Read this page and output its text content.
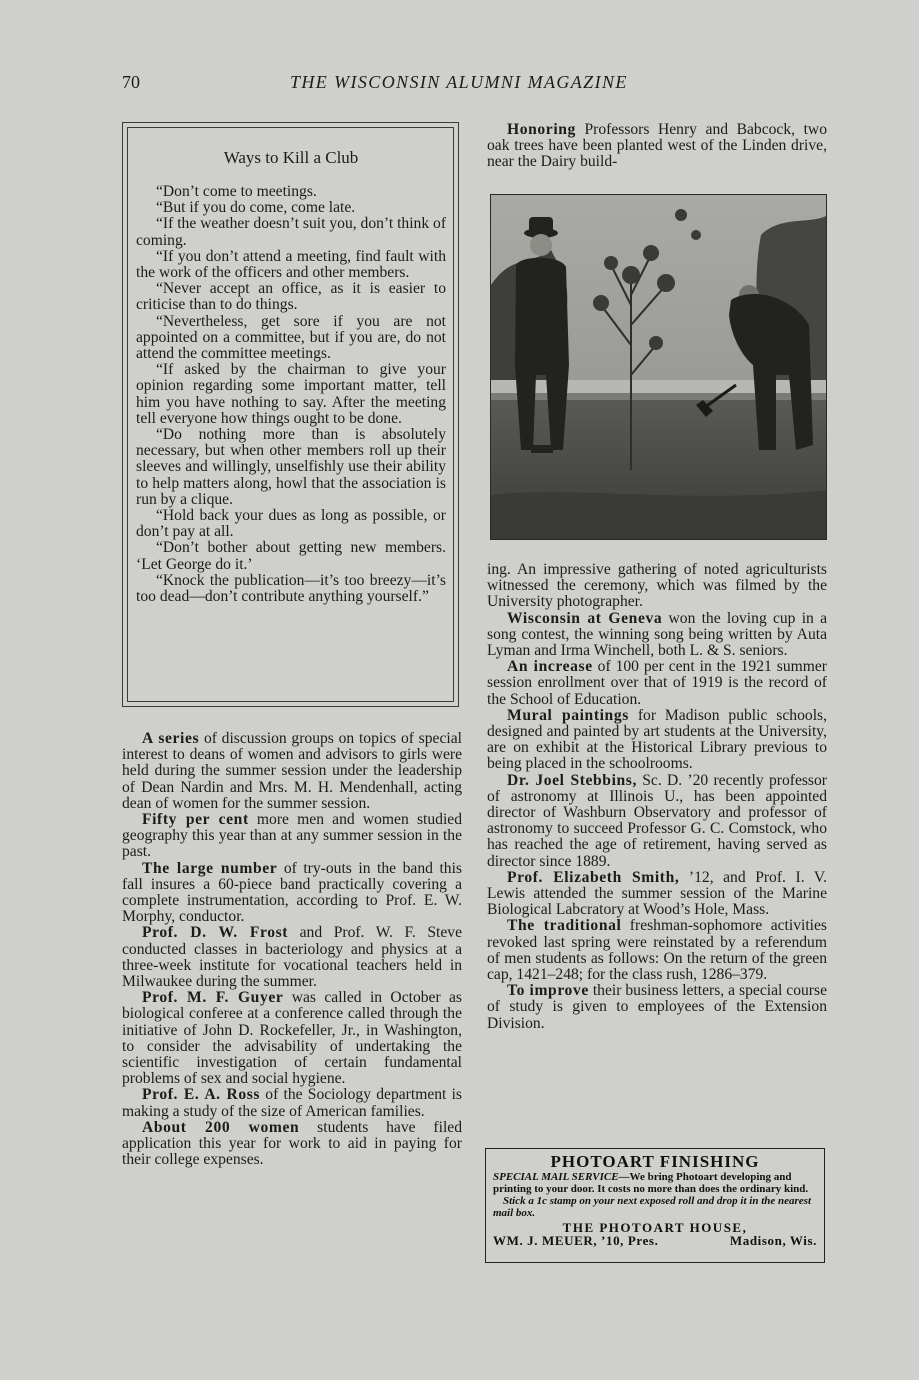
70	THE WISCONSIN ALUMNI MAGAZINE
Ways to Kill a Club

“Don’t come to meetings.

“But if you do come, come late.

“If the weather doesn’t suit you, don’t think of coming.

“If you don’t attend a meeting, find fault with the work of the officers and other members.

“Never accept an office, as it is easier to criticise than to do things.

“Nevertheless, get sore if you are not appointed on a committee, but if you are, do not attend the committee meetings.

“If asked by the chairman to give your opinion regarding some important matter, tell him you have nothing to say. After the meeting tell everyone how things ought to be done.

“Do nothing more than is absolutely necessary, but when other members roll up their sleeves and willingly, unselfishly use their ability to help matters along, howl that the association is run by a clique.

“Hold back your dues as long as possible, or don’t pay at all.

“Don’t bother about getting new members. ‘Let George do it.’

“Knock the publication—it’s too breezy—it’s too dead—don’t contribute anything yourself.”

A series of discussion groups on topics of special interest to deans of women and advisors to girls were held during the summer session under the leadership of Dean Nardin and Mrs. M. H. Mendenhall, acting dean of women for the summer session.

Fifty per cent more men and women studied geography this year than at any summer session in the past.

The large number of try-outs in the band this fall insures a 60-piece band practically covering a complete instrumentation, according to Prof. E. W. Morphy, conductor.

Prof. D. W. Frost and Prof. W. F. Steve conducted classes in bacteriology and physics at a three-week institute for vocational teachers held in Milwaukee during the summer.

Prof. M. F. Guyer was called in October as biological conferee at a conference called through the initiative of John D. Rockefeller, Jr., in Washington, to consider the advisability of undertaking the scientific investigation of certain fundamental problems of sex and social hygiene.

Prof. E. A. Ross of the Sociology department is making a study of the size of American families.

About 200 women students have filed application this year for work to aid in paying for their college expenses.

Honoring Professors Henry and Babcock, two oak trees have been planted west of the Linden drive, near the Dairy build-

ing. An impressive gathering of noted agriculturists witnessed the ceremony, which was filmed by the University photographer.

Wisconsin at Geneva won the loving cup in a song contest, the winning song being written by Auta Lyman and Irma Winchell, both L. & S. seniors.

An increase of 100 per cent in the 1921 summer session enrollment over that of 1919 is the record of the School of Education.

Mural paintings for Madison public schools, designed and painted by art students at the University, are on exhibit at the Historical Library previous to being placed in the schoolrooms.

Dr. Joel Stebbins, Sc. D. ’20 recently professor of astronomy at Illinois U., has been appointed director of Washburn Observatory and professor of astronomy to succeed Professor G. C. Comstock, who has reached the age of retirement, having served as director since 1889.

Prof. Elizabeth Smith, ’12, and Prof. I. V. Lewis attended the summer session of the Marine Biological Labcratory at Wood’s Hole, Mass.

The traditional freshman-sophomore activities revoked last spring were reinstated by a referendum of men students as follows: On the return of the green cap, 1421–248; for the class rush, 1286–379.

To improve their business letters, a special course of study is given to employees of the Extension Division.

PHOTOART FINISHING

SPECIAL MAIL SERVICE—We bring Photoart developing and printing to your door. It costs no more than does the ordinary kind.

Stick a 1c stamp on your next exposed roll and drop it in the nearest mail box.

THE PHOTOART HOUSE,
WM. J. MEUER, ’10, Pres.	Madison, Wis.
